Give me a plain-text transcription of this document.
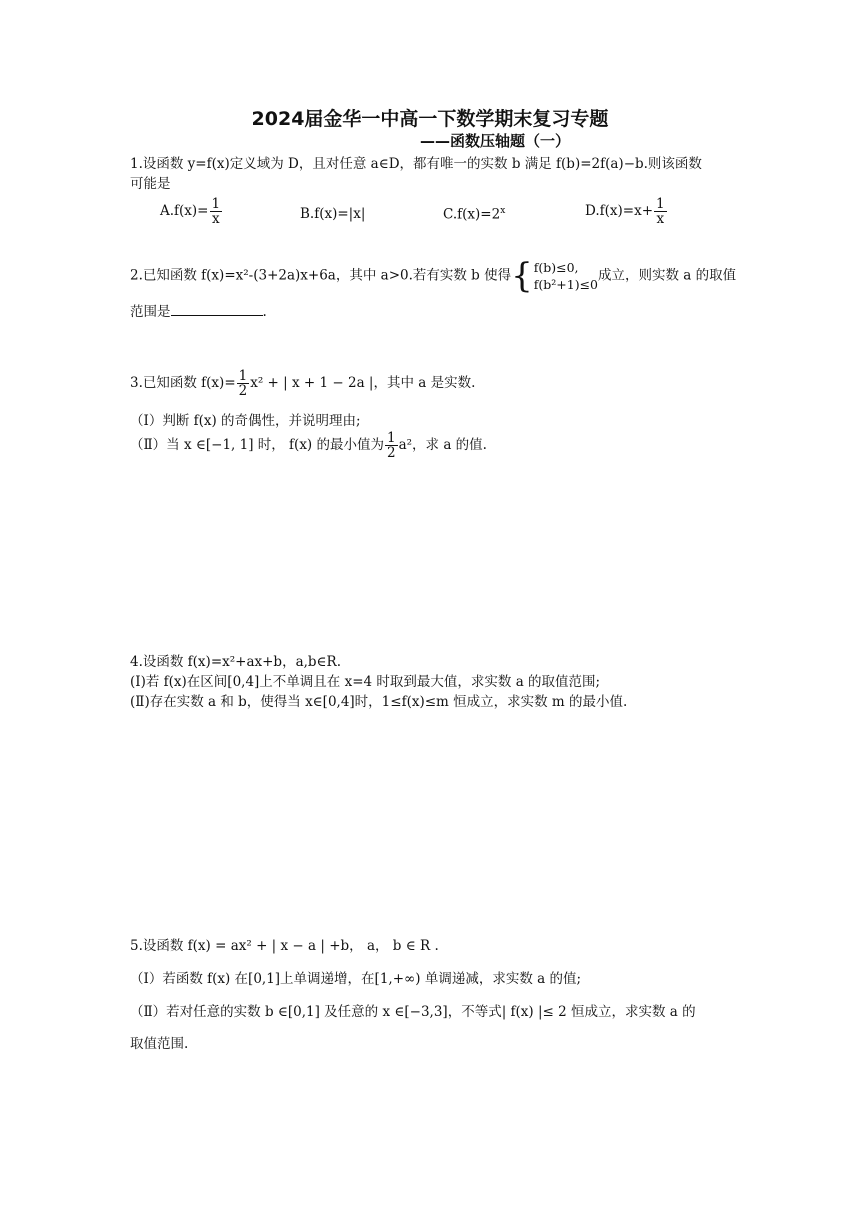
2024届金华一中高一下数学期末复习专题
——函数压轴题（一）
1.设函数 y=f(x)定义域为 D，且对任意 a∈D，都有唯一的实数 b 满足 f(b)=2f(a)−b.则该函数
可能是
$A.f(x)= \frac{1}{x}$	B.f(x)=|x|	$C.f(x)=2^x$	$D.f(x)=x+ \frac{1}{x}$
2.已知函数 f(x)=x²-(3+2a)x+6a，其中 a>0.若有实数 b 使得{ f(b)≤0,
f(b²+1)≤0
成立，则实数 a 的取值
范围是	.
3.已知函数 $f(x)= \frac{1}{2} x^2$ + | x + 1 − 2a |，其中 a 是实数.
（Ⅰ）判断 f(x) 的奇偶性，并说明理由;
（Ⅱ）当 x ∈[−1, 1] 时， f(x) 的最小值为 $\frac{1}{2} a^2$，求 a 的值.
4.设函数 f(x)=x²+ax+b，a,b∈R.
(Ⅰ)若 f(x)在区间[0,4]上不单调且在 x=4 时取到最大值，求实数 a 的取值范围;
(Ⅱ)存在实数 a 和 b，使得当 x∈[0,4]时，1≤f(x)≤m 恒成立，求实数 m 的最小值.
5.设函数 f(x) = ax² + | x − a | +b， a， b ∈ R .
（Ⅰ）若函数 f(x) 在[0,1]上单调递增，在[1,+∞) 单调递减，求实数 a 的值;
（Ⅱ）若对任意的实数 b ∈[0,1] 及任意的 x ∈[−3,3]，不等式| f(x) |≤ 2 恒成立，求实数 a 的
取值范围.
